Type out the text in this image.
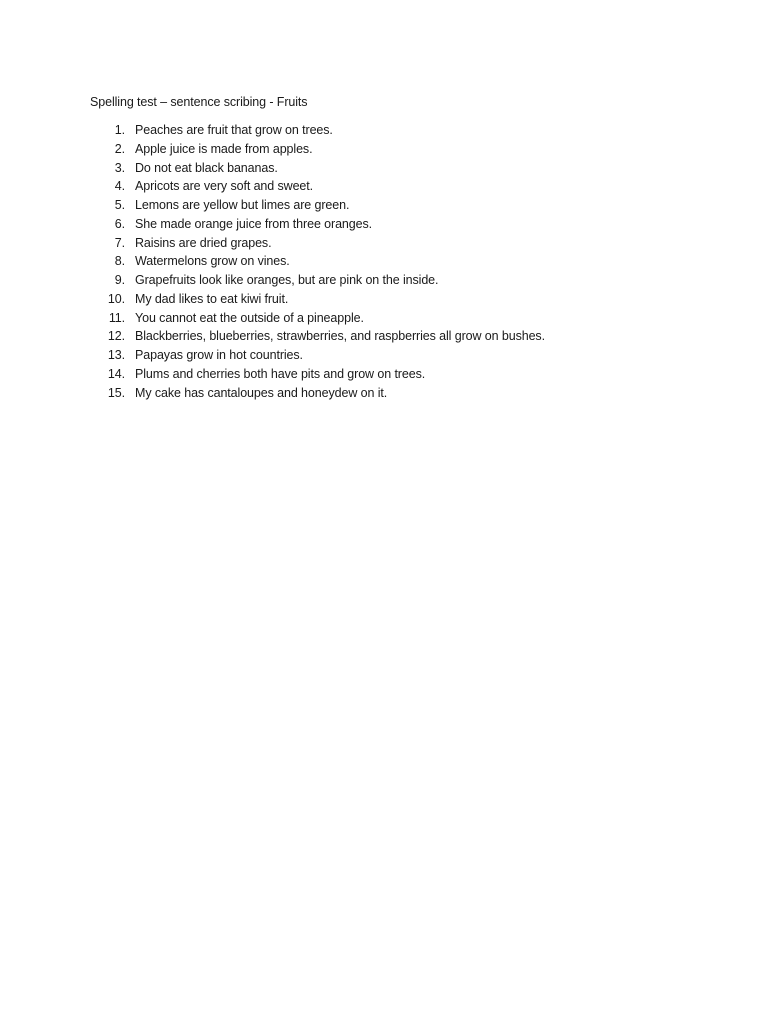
Spelling test – sentence scribing - Fruits
1. Peaches are fruit that grow on trees.
2. Apple juice is made from apples.
3. Do not eat black bananas.
4. Apricots are very soft and sweet.
5. Lemons are yellow but limes are green.
6. She made orange juice from three oranges.
7. Raisins are dried grapes.
8. Watermelons grow on vines.
9. Grapefruits look like oranges, but are pink on the inside.
10. My dad likes to eat kiwi fruit.
11. You cannot eat the outside of a pineapple.
12. Blackberries, blueberries, strawberries, and raspberries all grow on bushes.
13. Papayas grow in hot countries.
14. Plums and cherries both have pits and grow on trees.
15. My cake has cantaloupes and honeydew on it.
